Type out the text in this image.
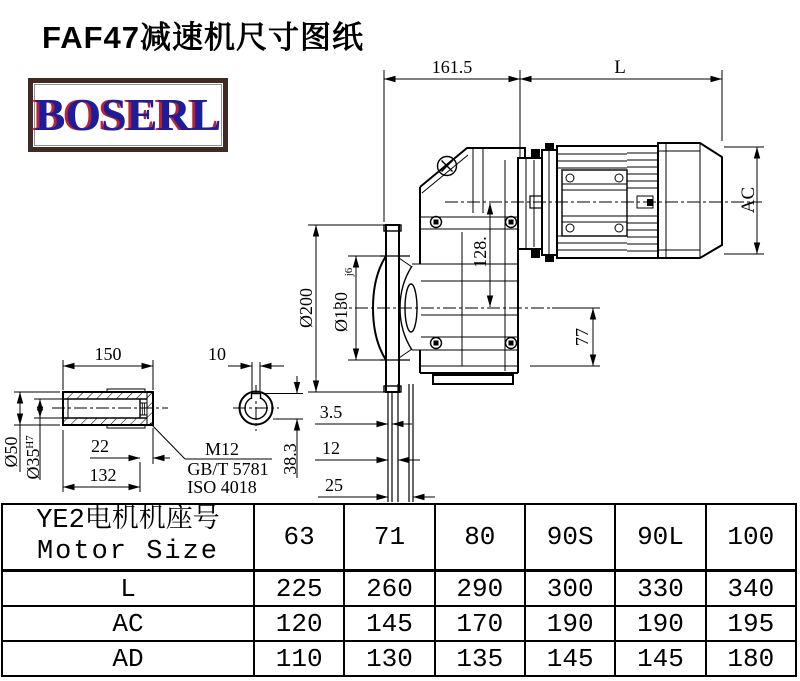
FAF47减速机尺寸图纸
BOSERL
161.5	L
AC
Ø200 Ø130
j6
128.
77
150	10
Ø50 Ø35
H7	22
132
M12
GB/T 5781
ISO 4018
3.5
12
25
38.3
YE2电机机座号
Motor Size	63	71	80	90S	90L	100
L	225	260	290	300	330	340
AC	120	145	170	190	190	195
AD	110	130	135	145	145	180
